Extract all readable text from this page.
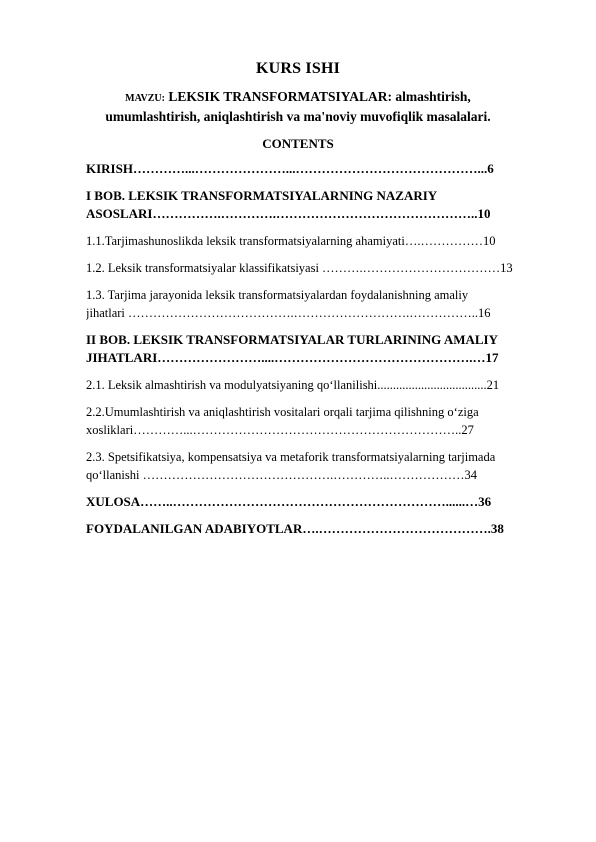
KURS ISHI
MAVZU: LEKSIK TRANSFORMATSIYALAR: almashtirish,
umumlashtirish, aniqlashtirish va ma'noviy muvofiqlik masalalari.
CONTENTS
KIRISH…………...…………………...……………………………………...6
I BOB. LEKSIK TRANSFORMATSIYALARNING NAZARIY
ASOSLARI…………….………….………………………………………..10
1.1.Tarjimashunoslikda leksik transformatsiyalarning ahamiyati….……………10
1.2. Leksik transformatsiyalar klassifikatsiyasi ……….……………………………13
1.3. Tarjima jarayonida leksik transformatsiyalardan foydalanishning amaliy
jihatlari ………………………………….……………………….……………..16
II BOB. LEKSIK TRANSFORMATSIYALAR TURLARINING AMALIY
JIHATLARI……………………....……………………………………….…17
2.1. Leksik almashtirish va modulyatsiyaning qo‘llanilishi...................................21
2.2.Umumlashtirish va aniqlashtirish vositalari orqali tarjima qilishning o‘ziga
xosliklari…………...………………………………………………………..27
2.3. Spetsifikatsiya, kompensatsiya va metaforik transformatsiyalarning tarjimada
qo‘llanishi ……………………………………….…………..………………34
XULOSA……..………………………………………………………......…36
FOYDALANILGAN ADABIYOTLAR….………………………………….38
